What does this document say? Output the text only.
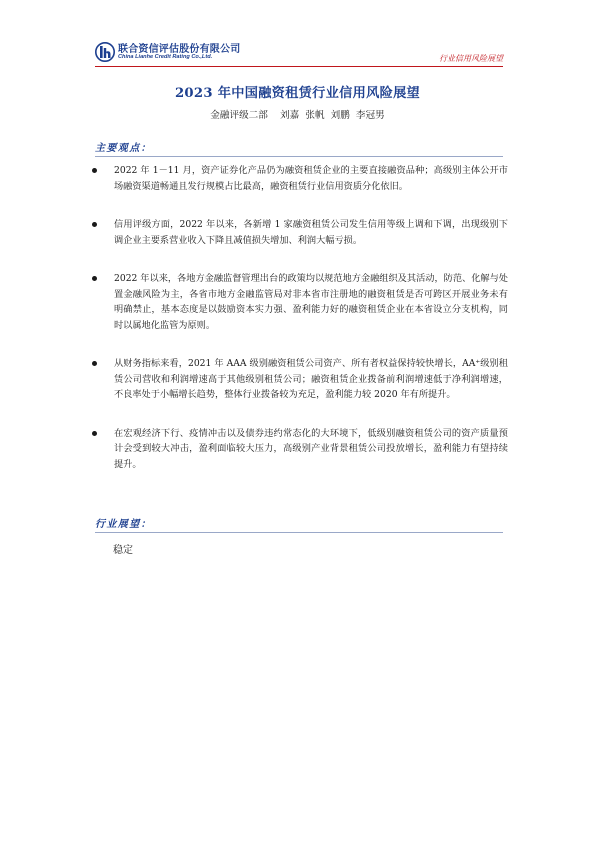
联合资信评估股份有限公司
China Lianhe Credit Rating Co.,Ltd.	行业信用风险展望
2023 年中国融资租赁行业信用风险展望
金融评级二部    刘嘉  张帆  刘鹏  李冠男
主要观点：
2022 年 1－11 月，资产证券化产品仍为融资租赁企业的主要直接融资品种；高级别主体公开市场融资渠道畅通且发行规模占比最高，融资租赁行业信用资质分化依旧。
信用评级方面，2022 年以来，各新增 1 家融资租赁公司发生信用等级上调和下调，出现级别下调企业主要系营业收入下降且减值损失增加、利润大幅亏损。
2022 年以来，各地方金融监督管理出台的政策均以规范地方金融组织及其活动，防范、化解与处置金融风险为主，各省市地方金融监管局对非本省市注册地的融资租赁是否可跨区开展业务未有明确禁止，基本态度是以鼓励资本实力强、盈利能力好的融资租赁企业在本省设立分支机构，同时以属地化监管为原则。
从财务指标来看，2021 年 AAA 级别融资租赁公司资产、所有者权益保持较快增长，AA⁺级别租赁公司营收和利润增速高于其他级别租赁公司；融资租赁企业拨备前利润增速低于净利润增速，不良率处于小幅增长趋势，整体行业拨备较为充足，盈利能力较 2020 年有所提升。
在宏观经济下行、疫情冲击以及债券违约常态化的大环境下，低级别融资租赁公司的资产质量预计会受到较大冲击，盈利面临较大压力，高级别产业背景租赁公司投放增长，盈利能力有望持续提升。
行业展望：
稳定
